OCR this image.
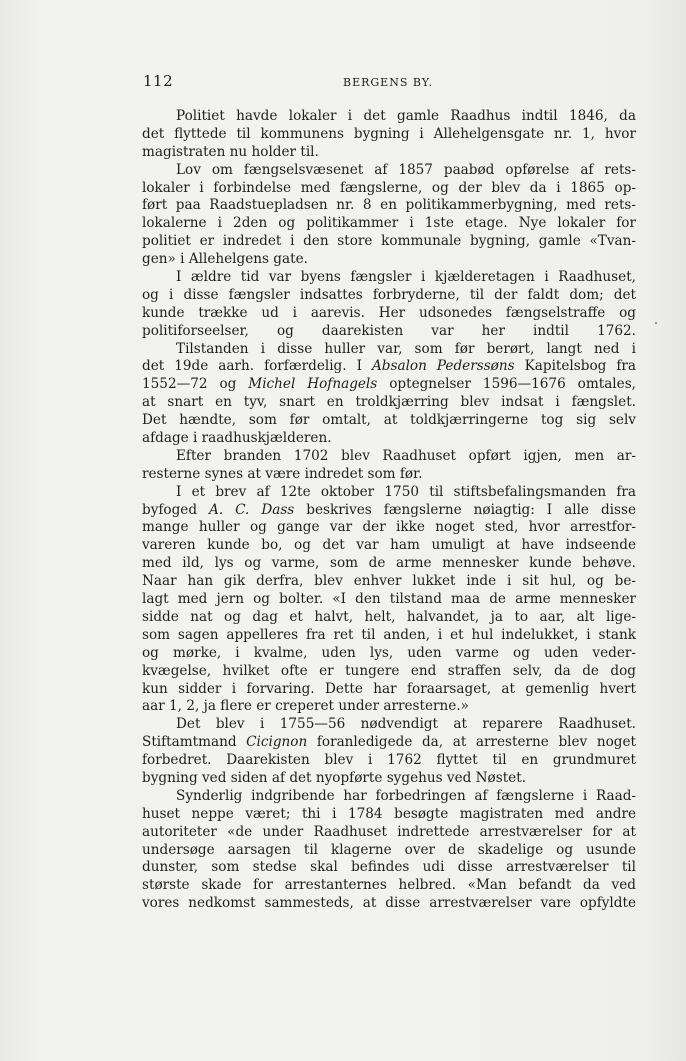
112	BERGENS BY.
Politiet havde lokaler i det gamle Raadhus indtil 1846, da
det flyttede til kommunens bygning i Allehelgensgate nr. 1, hvor
magistraten nu holder til.
Lov om fængselsvæsenet af 1857 paabød opførelse af rets-
lokaler i forbindelse med fængslerne, og der blev da i 1865 op-
ført paa Raadstuepladsen nr. 8 en politikammerbygning, med rets-
lokalerne i 2den og politikammer i 1ste etage. Nye lokaler for
politiet er indredet i den store kommunale bygning, gamle «Tvan-
gen» i Allehelgens gate.
I ældre tid var byens fængsler i kjælderetagen i Raadhuset,
og i disse fængsler indsattes forbryderne, til der faldt dom; det
kunde trække ud i aarevis. Her udsonedes fængselstraffe og
politiforseelser, og daarekisten var her indtil 1762.
Tilstanden i disse huller var, som før berørt, langt ned i
det 19de aarh. forfærdelig. I Absalon Pederssøns Kapitelsbog fra
1552—72 og Michel Hofnagels optegnelser 1596—1676 omtales,
at snart en tyv, snart en troldkjærring blev indsat i fængslet.
Det hændte, som før omtalt, at toldkjærringerne tog sig selv
afdage i raadhuskjælderen.
Efter branden 1702 blev Raadhuset opført igjen, men ar-
resterne synes at være indredet som før.
I et brev af 12te oktober 1750 til stiftsbefalingsmanden fra
byfoged A. C. Dass beskrives fængslerne nøiagtig: I alle disse
mange huller og gange var der ikke noget sted, hvor arrestfor-
vareren kunde bo, og det var ham umuligt at have indseende
med ild, lys og varme, som de arme mennesker kunde behøve.
Naar han gik derfra, blev enhver lukket inde i sit hul, og be-
lagt med jern og bolter. «I den tilstand maa de arme mennesker
sidde nat og dag et halvt, helt, halvandet, ja to aar, alt lige-
som sagen appelleres fra ret til anden, i et hul indelukket, i stank
og mørke, i kvalme, uden lys, uden varme og uden veder-
kvægelse, hvilket ofte er tungere end straffen selv, da de dog
kun sidder i forvaring. Dette har foraarsaget, at gemenlig hvert
aar 1, 2, ja flere er creperet under arresterne.»
Det blev i 1755—56 nødvendigt at reparere Raadhuset.
Stiftamtmand Cicignon foranledigede da, at arresterne blev noget
forbedret. Daarekisten blev i 1762 flyttet til en grundmuret
bygning ved siden af det nyopførte sygehus ved Nøstet.
Synderlig indgribende har forbedringen af fængslerne i Raad-
huset neppe været; thi i 1784 besøgte magistraten med andre
autoriteter «de under Raadhuset indrettede arrestværelser for at
undersøge aarsagen til klagerne over de skadelige og usunde
dunster, som stedse skal befindes udi disse arrestværelser til
største skade for arrestanternes helbred. «Man befandt da ved
vores nedkomst sammesteds, at disse arrestværelser vare opfyldte
